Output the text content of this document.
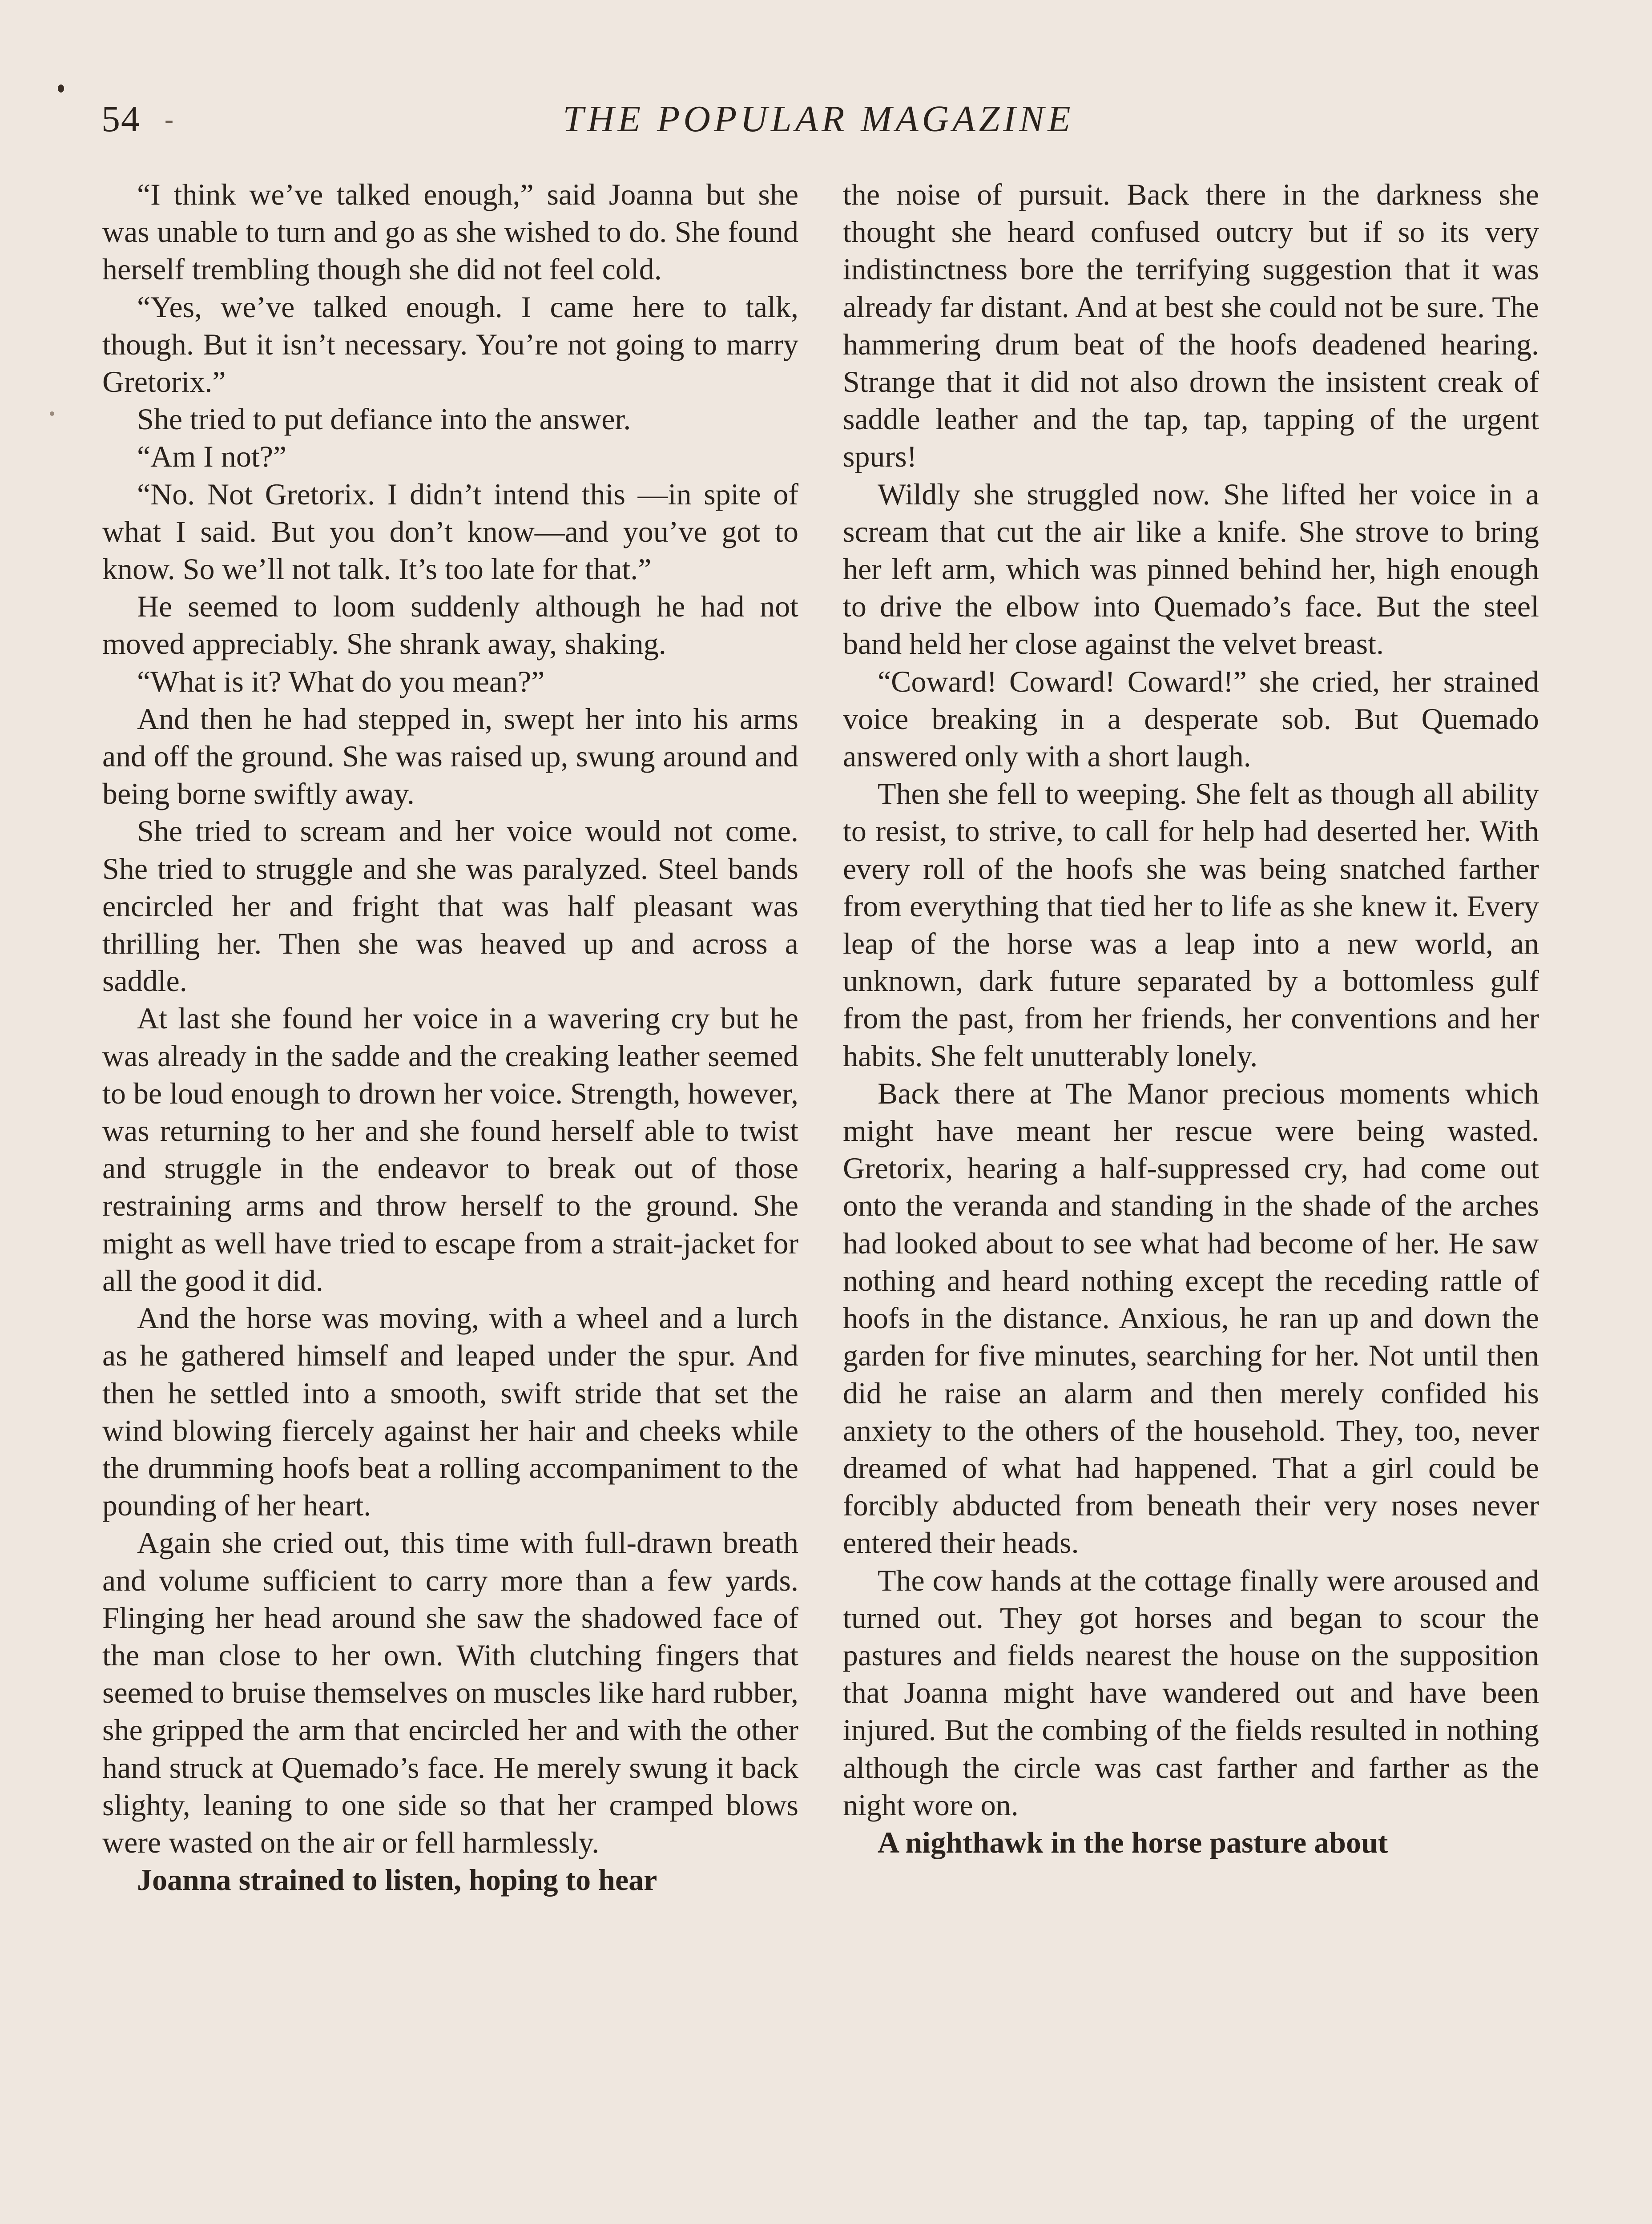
54 -	THE POPULAR MAGAZINE

“I think we’ve talked enough,” said Joanna but she was unable to turn and go as she wished to do. She found herself trembling though she did not feel cold.

“Yes, we’ve talked enough. I came here to talk, though. But it isn’t necessary. You’re not going to marry Gretorix.”

She tried to put defiance into the answer.

“Am I not?”

“No. Not Gretorix. I didn’t intend this —in spite of what I said. But you don’t know—and you’ve got to know. So we’ll not talk. It’s too late for that.”

He seemed to loom suddenly although he had not moved appreciably. She shrank away, shaking.

“What is it? What do you mean?”

And then he had stepped in, swept her into his arms and off the ground. She was raised up, swung around and being borne swiftly away.

She tried to scream and her voice would not come. She tried to struggle and she was paralyzed. Steel bands encircled her and fright that was half pleasant was thrilling her. Then she was heaved up and across a saddle.

At last she found her voice in a wavering cry but he was already in the sadde and the creaking leather seemed to be loud enough to drown her voice. Strength, however, was returning to her and she found herself able to twist and struggle in the endeavor to break out of those restraining arms and throw herself to the ground. She might as well have tried to escape from a strait-jacket for all the good it did.

And the horse was moving, with a wheel and a lurch as he gathered himself and leaped under the spur. And then he settled into a smooth, swift stride that set the wind blowing fiercely against her hair and cheeks while the drumming hoofs beat a rolling accompaniment to the pounding of her heart.

Again she cried out, this time with full-drawn breath and volume sufficient to carry more than a few yards. Flinging her head around she saw the shadowed face of the man close to her own. With clutching fingers that seemed to bruise themselves on muscles like hard rubber, she gripped the arm that encircled her and with the other hand struck at Quemado’s face. He merely swung it back slighty, leaning to one side so that her cramped blows were wasted on the air or fell harmlessly.

Joanna strained to listen, hoping to hear

the noise of pursuit. Back there in the darkness she thought she heard confused outcry but if so its very indistinctness bore the terrifying suggestion that it was already far distant. And at best she could not be sure. The hammering drum beat of the hoofs deadened hearing. Strange that it did not also drown the insistent creak of saddle leather and the tap, tap, tapping of the urgent spurs!

Wildly she struggled now. She lifted her voice in a scream that cut the air like a knife. She strove to bring her left arm, which was pinned behind her, high enough to drive the elbow into Quemado’s face. But the steel band held her close against the velvet breast.

“Coward! Coward! Coward!” she cried, her strained voice breaking in a desperate sob. But Quemado answered only with a short laugh.

Then she fell to weeping. She felt as though all ability to resist, to strive, to call for help had deserted her. With every roll of the hoofs she was being snatched farther from everything that tied her to life as she knew it. Every leap of the horse was a leap into a new world, an unknown, dark future separated by a bottomless gulf from the past, from her friends, her conventions and her habits. She felt unutterably lonely.

Back there at The Manor precious moments which might have meant her rescue were being wasted. Gretorix, hearing a half-suppressed cry, had come out onto the veranda and standing in the shade of the arches had looked about to see what had become of her. He saw nothing and heard nothing except the receding rattle of hoofs in the distance. Anxious, he ran up and down the garden for five minutes, searching for her. Not until then did he raise an alarm and then merely confided his anxiety to the others of the household. They, too, never dreamed of what had happened. That a girl could be forcibly abducted from beneath their very noses never entered their heads.

The cow hands at the cottage finally were aroused and turned out. They got horses and began to scour the pastures and fields nearest the house on the supposition that Joanna might have wandered out and have been injured. But the combing of the fields resulted in nothing although the circle was cast farther and farther as the night wore on.

A nighthawk in the horse pasture about
